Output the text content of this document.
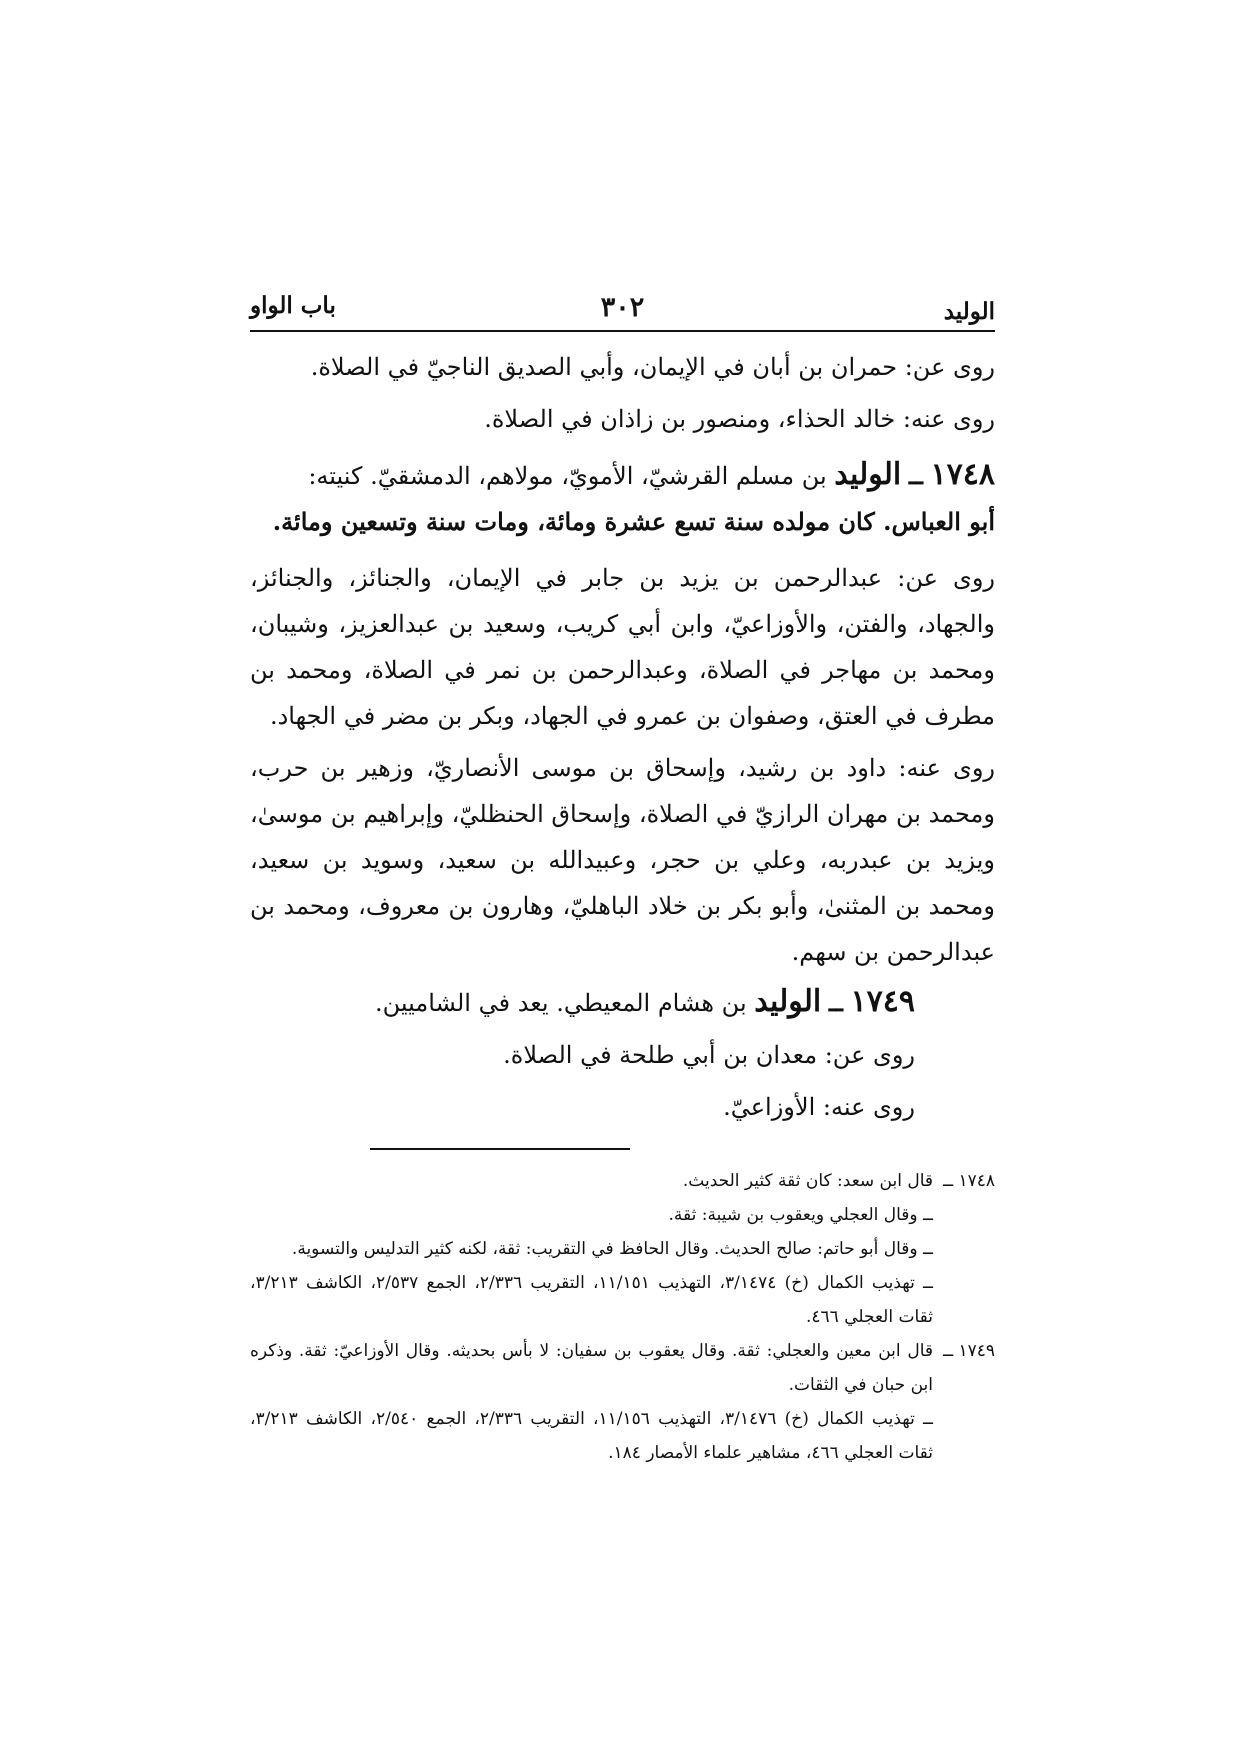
الوليد
٣٠٢
باب الواو
روى عن: حمران بن أبان في الإيمان، وأبي الصديق الناجيّ في الصلاة.
روى عنه: خالد الحذاء، ومنصور بن زاذان في الصلاة.
١٧٤٨ ــ الوليد بن مسلم القرشيّ، الأمويّ، مولاهم، الدمشقيّ. كنيته:
أبو العباس. كان مولده سنة تسع عشرة ومائة، ومات سنة وتسعين ومائة.
روى عن: عبدالرحمن بن يزيد بن جابر في الإيمان، والجنائز، والجنائز، والجهاد، والفتن، والأوزاعيّ، وابن أبي كريب، وسعيد بن عبدالعزيز، وشيبان، ومحمد بن مهاجر في الصلاة، وعبدالرحمن بن نمر في الصلاة، ومحمد بن مطرف في العتق، وصفوان بن عمرو في الجهاد، وبكر بن مضر في الجهاد.
روى عنه: داود بن رشيد، وإسحاق بن موسى الأنصاريّ، وزهير بن حرب، ومحمد بن مهران الرازيّ في الصلاة، وإسحاق الحنظليّ، وإبراهيم بن موسىٰ، ويزيد بن عبدربه، وعلي بن حجر، وعبيدالله بن سعيد، وسويد بن سعيد، ومحمد بن المثنىٰ، وأبو بكر بن خلاد الباهليّ، وهارون بن معروف، ومحمد بن عبدالرحمن بن سهم.
١٧٤٩ ــ الوليد بن هشام المعيطي. يعد في الشاميين.
روى عن: معدان بن أبي طلحة في الصلاة.
روى عنه: الأوزاعيّ.
١٧٤٨ ــ
قال ابن سعد: كان ثقة كثير الحديث.
ــ وقال العجلي ويعقوب بن شيبة: ثقة.
ــ وقال أبو حاتم: صالح الحديث. وقال الحافظ في التقريب: ثقة، لكنه كثير التدليس والتسوية.
ــ تهذيب الكمال (خ) ٣/١٤٧٤، التهذيب ١١/١٥١، التقريب ٢/٣٣٦، الجمع ٢/٥٣٧، الكاشف ٣/٢١٣، ثقات العجلي ٤٦٦.
١٧٤٩ ــ
قال ابن معين والعجلي: ثقة. وقال يعقوب بن سفيان: لا بأس بحديثه. وقال الأوزاعيّ: ثقة. وذكره ابن حبان في الثقات.
ــ تهذيب الكمال (خ) ٣/١٤٧٦، التهذيب ١١/١٥٦، التقريب ٢/٣٣٦، الجمع ٢/٥٤٠، الكاشف ٣/٢١٣، ثقات العجلي ٤٦٦، مشاهير علماء الأمصار ١٨٤.
